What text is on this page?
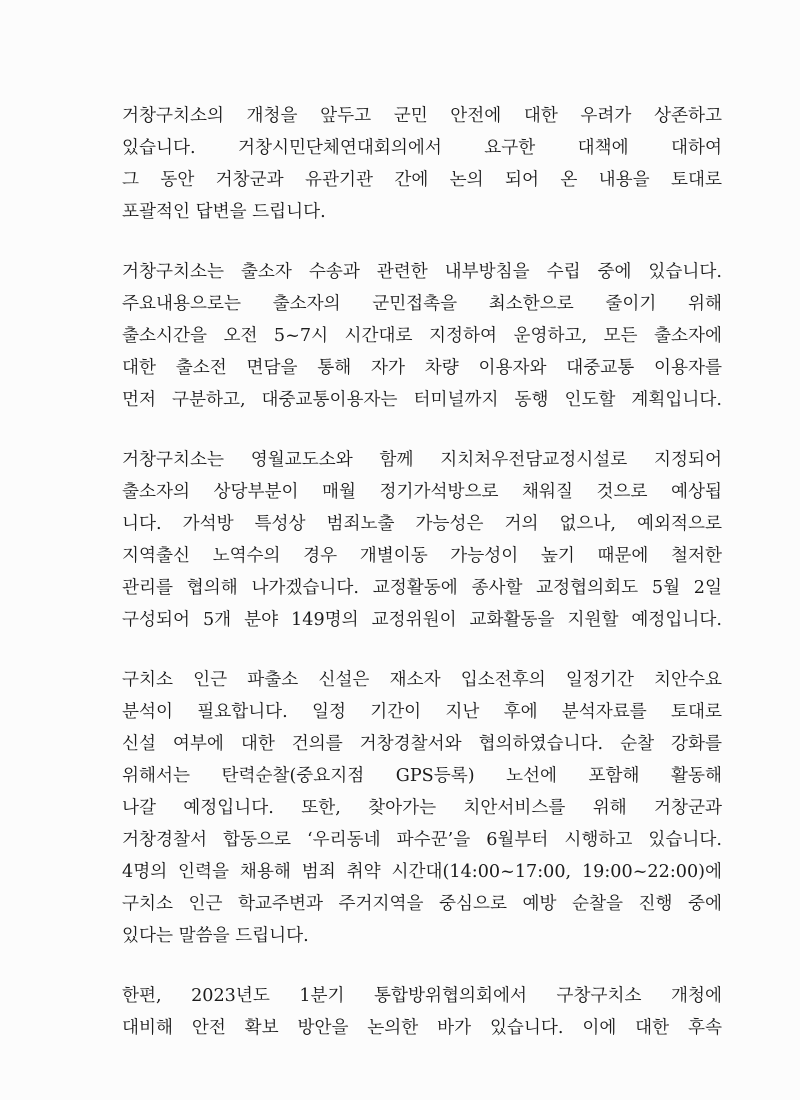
거창구치소의 개청을 앞두고 군민 안전에 대한 우려가 상존하고
있습니다. 거창시민단체연대회의에서 요구한 대책에 대하여
그 동안 거창군과 유관기관 간에 논의 되어 온 내용을 토대로
포괄적인 답변을 드립니다.
거창구치소는 출소자 수송과 관련한 내부방침을 수립 중에 있습니다.
주요내용으로는 출소자의 군민접촉을 최소한으로 줄이기 위해
출소시간을 오전 5~7시 시간대로 지정하여 운영하고, 모든 출소자에
대한 출소전 면담을 통해 자가 차량 이용자와 대중교통 이용자를
먼저 구분하고, 대중교통이용자는 터미널까지 동행 인도할 계획입니다.
거창구치소는 영월교도소와 함께 지치처우전담교정시설로 지정되어
출소자의 상당부분이 매월 정기가석방으로 채워질 것으로 예상됩
니다. 가석방 특성상 범죄노출 가능성은 거의 없으나, 예외적으로
지역출신 노역수의 경우 개별이동 가능성이 높기 때문에 철저한
관리를 협의해 나가겠습니다. 교정활동에 종사할 교정협의회도 5월 2일
구성되어 5개 분야 149명의 교정위원이 교화활동을 지원할 예정입니다.
구치소 인근 파출소 신설은 재소자 입소전후의 일정기간 치안수요
분석이 필요합니다. 일정 기간이 지난 후에 분석자료를 토대로
신설 여부에 대한 건의를 거창경찰서와 협의하였습니다. 순찰 강화를
위해서는 탄력순찰(중요지점 GPS등록) 노선에 포함해 활동해
나갈 예정입니다. 또한, 찾아가는 치안서비스를 위해 거창군과
거창경찰서 합동으로 ‘우리동네 파수꾼’을 6월부터 시행하고 있습니다.
4명의 인력을 채용해 범죄 취약 시간대(14:00~17:00, 19:00~22:00)에
구치소 인근 학교주변과 주거지역을 중심으로 예방 순찰을 진행 중에
있다는 말씀을 드립니다.
한편, 2023년도 1분기 통합방위협의회에서 구창구치소 개청에
대비해 안전 확보 방안을 논의한 바가 있습니다. 이에 대한 후속
